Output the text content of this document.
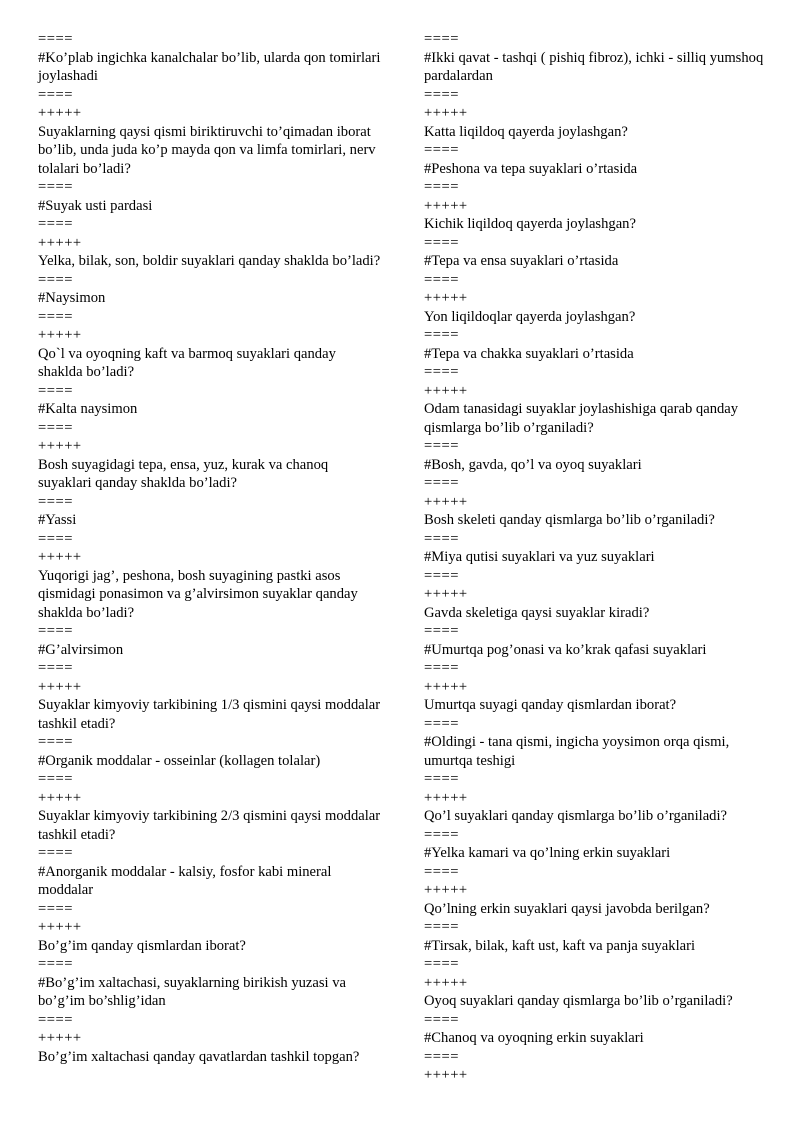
====

#Ko’plab ingichka kanalchalar bo’lib, ularda qon tomirlari joylashadi

====

+++++

Suyaklarning qaysi qismi biriktiruvchi to’qimadan iborat bo’lib, unda juda ko’p mayda qon va limfa tomirlari, nerv tolalari bo’ladi?

====

#Suyak usti pardasi

====

+++++

Yelka, bilak, son, boldir suyaklari qanday shaklda bo’ladi?

====

#Naysimon

====

+++++

Qo`l va oyoqning kaft va barmoq suyaklari qanday shaklda bo’ladi?

====

#Kalta naysimon

====

+++++

Bosh suyagidagi tepa, ensa, yuz, kurak va chanoq suyaklari qanday shaklda bo’ladi?

====

#Yassi

====

+++++

Yuqorigi jag’, peshona, bosh suyagining pastki asos qismidagi ponasimon va g’alvirsimon suyaklar qanday shaklda bo’ladi?

====

#G’alvirsimon

====

+++++

Suyaklar kimyoviy tarkibining 1/3 qismini qaysi moddalar tashkil etadi?

====

#Organik moddalar - osseinlar (kollagen tolalar)

====

+++++

Suyaklar kimyoviy tarkibining 2/3 qismini qaysi moddalar tashkil etadi?

====

#Anorganik moddalar - kalsiy, fosfor kabi mineral moddalar

====

+++++

Bo’g’im qanday qismlardan iborat?

====

#Bo’g’im xaltachasi, suyaklarning birikish yuzasi va bo’g’im bo’shlig’idan

====

+++++

Bo’g’im xaltachasi qanday qavatlardan tashkil topgan?

====

#Ikki qavat - tashqi ( pishiq fibroz), ichki - silliq yumshoq pardalardan

====

+++++

Katta liqildoq qayerda joylashgan?

====

#Peshona va tepa suyaklari o’rtasida

====

+++++

Kichik liqildoq qayerda joylashgan?

====

#Tepa va ensa suyaklari o’rtasida

====

+++++

Yon liqildoqlar qayerda joylashgan?

====

#Tepa va chakka suyaklari o’rtasida

====

+++++

Odam tanasidagi suyaklar joylashishiga qarab qanday qismlarga bo’lib o’rganiladi?

====

#Bosh, gavda, qo’l va oyoq suyaklari

====

+++++

Bosh skeleti qanday qismlarga bo’lib o’rganiladi?

====

#Miya qutisi suyaklari va yuz suyaklari

====

+++++

Gavda skeletiga qaysi suyaklar kiradi?

====

#Umurtqa pog’onasi va ko’krak qafasi suyaklari

====

+++++

Umurtqa suyagi qanday qismlardan iborat?

====

#Oldingi - tana qismi, ingicha yoysimon orqa qismi, umurtqa teshigi

====

+++++

Qo’l suyaklari qanday qismlarga bo’lib o’rganiladi?

====

#Yelka kamari va qo’lning erkin suyaklari

====

+++++

Qo’lning erkin suyaklari qaysi javobda berilgan?

====

#Tirsak, bilak, kaft ust, kaft va panja suyaklari

====

+++++

Oyoq suyaklari qanday qismlarga bo’lib o’rganiladi?

====

#Chanoq va oyoqning erkin suyaklari

====

+++++
